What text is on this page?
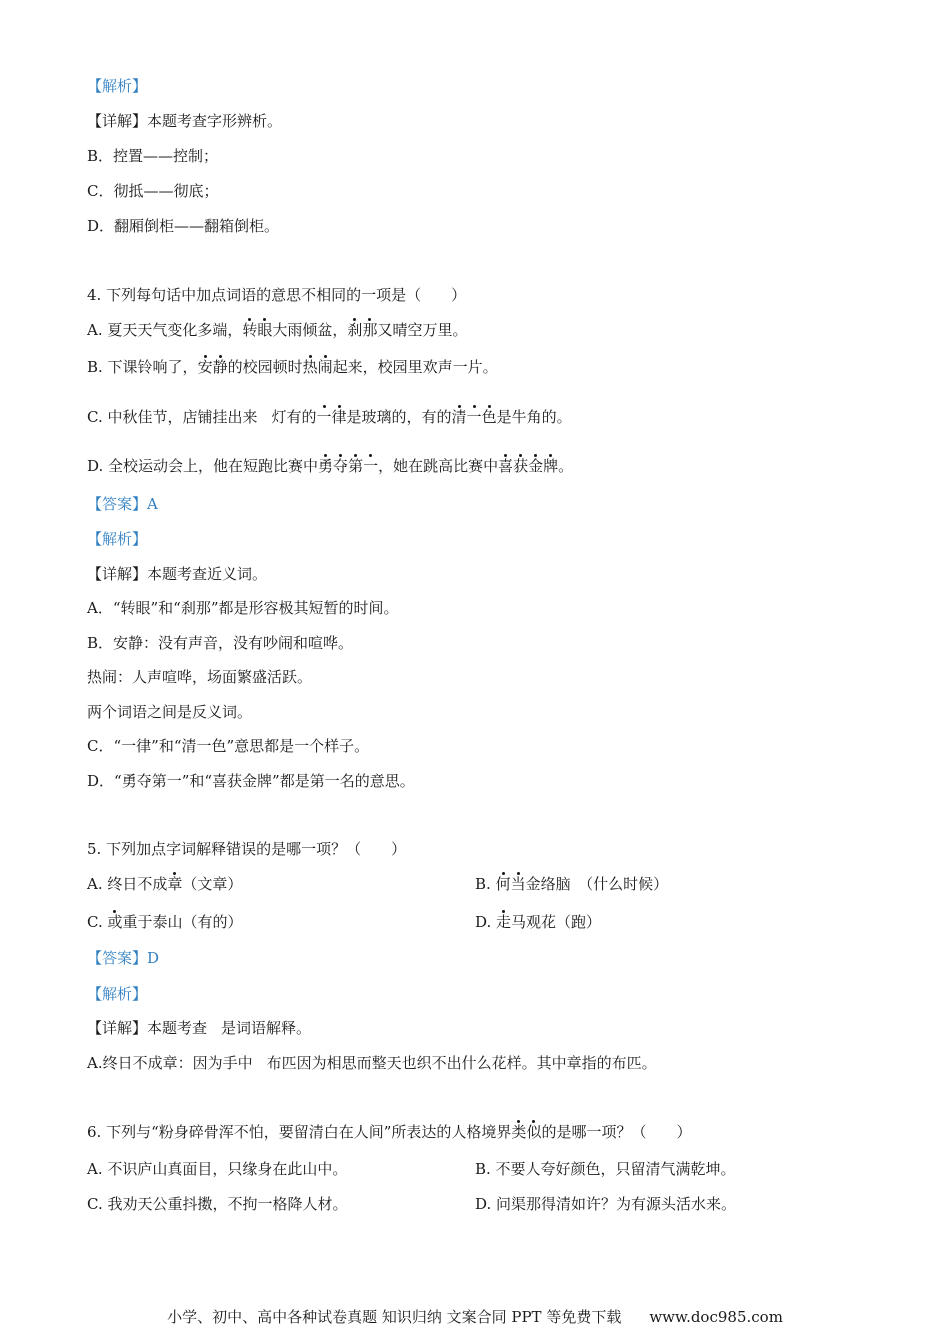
【解析】
【详解】本题考查字形辨析。
B．控置——控制；
C．彻抵——彻底；
D．翻厢倒柜——翻箱倒柜。
4. 下列每句话中加点词语的意思不相同的一项是（　　）
A. 夏天天气变化多端，转眼大雨倾盆，刹那又晴空万里。
B. 下课铃响了，安静的校园顿时热闹起来，校园里欢声一片。
C. 中秋佳节，店铺挂出来 灯有的一律是玻璃的，有的清一色是牛角的。
D. 全校运动会上，他在短跑比赛中勇夺第一，她在跳高比赛中喜获金牌。
【答案】A
【解析】
【详解】本题考查近义词。
A．“转眼”和“刹那”都是形容极其短暂的时间。
B．安静：没有声音，没有吵闹和喧哗。
热闹：人声喧哗，场面繁盛活跃。
两个词语之间是反义词。
C．“一律”和“清一色”意思都是一个样子。
D．“勇夺第一”和“喜获金牌”都是第一名的意思。
5. 下列加点字词解释错误的是哪一项？（　　）
A. 终日不成章（文章）	B. 何当金络脑　（什么时候）
C. 或重于泰山（有的）	D. 走马观花（跑）
【答案】D
【解析】
【详解】本题考查 是词语解释。
A.终日不成章：因为手中 布匹因为相思而整天也织不出什么花样。其中章指的布匹。
6. 下列与“粉身碎骨浑不怕，要留清白在人间”所表达的人格境界类似的是哪一项？（　　）
A. 不识庐山真面目，只缘身在此山中。	B. 不要人夸好颜色，只留清气满乾坤。
C. 我劝天公重抖擞，不拘一格降人材。	D. 问渠那得清如许？为有源头活水来。
小学、初中、高中各种试卷真题 知识归纳 文案合同 PPT 等免费下载 www.doc985.com
